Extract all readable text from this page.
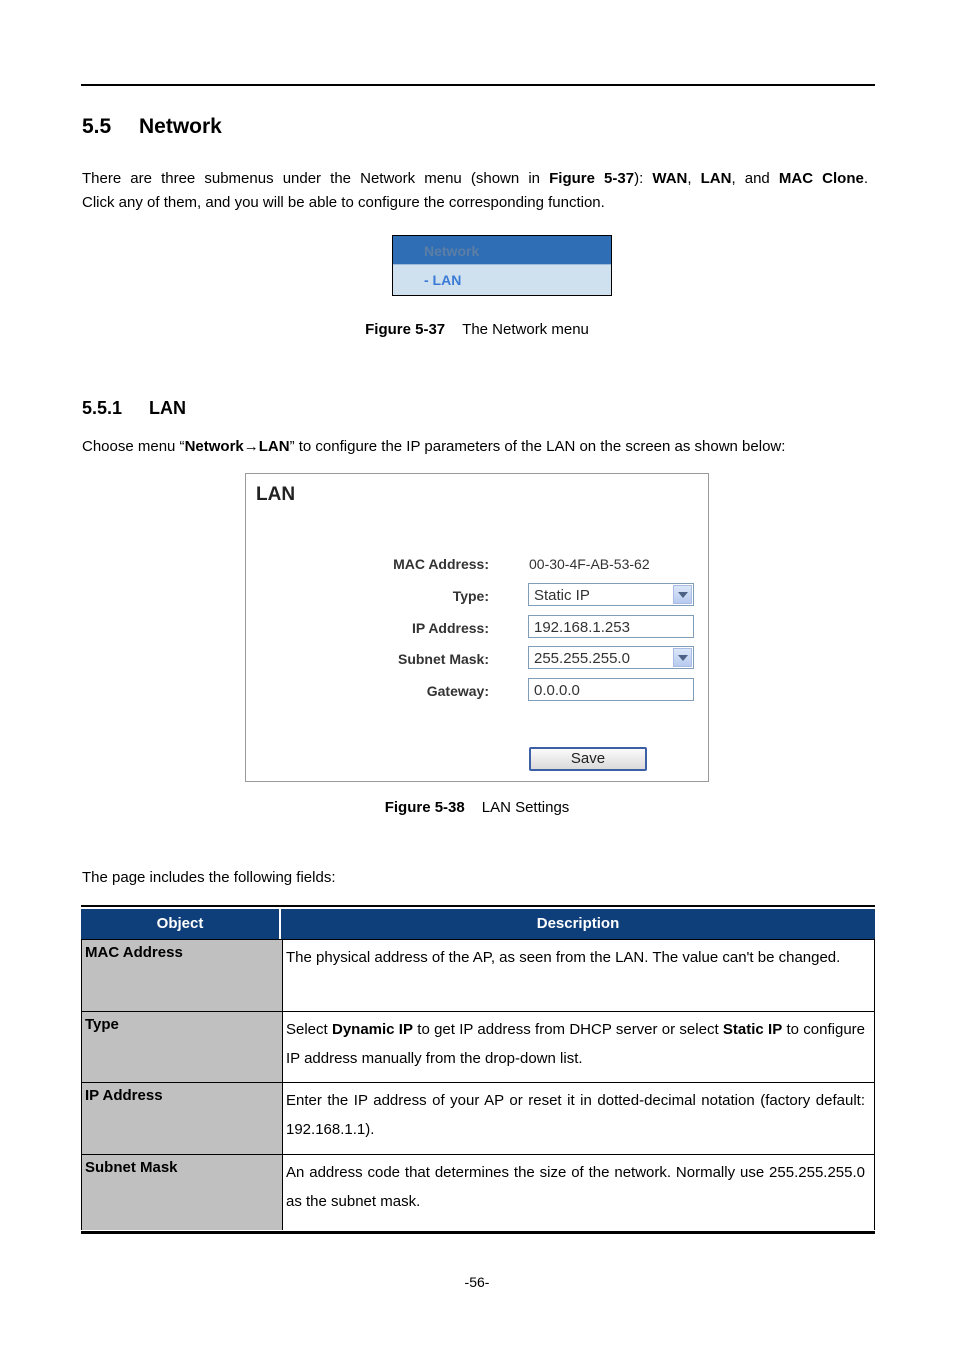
5.5 Network
There are three submenus under the Network menu (shown in Figure 5-37): WAN, LAN, and MAC Clone.
Click any of them, and you will be able to configure the corresponding function.
Network
- LAN
Figure 5-37 The Network menu
5.5.1 LAN
Choose menu “Network→LAN” to configure the IP parameters of the LAN on the screen as shown below:
LAN
MAC Address:	00-30-4F-AB-53-62
Type:	Static IP
IP Address:	192.168.1.253
Subnet Mask:	255.255.255.0
Gateway:	0.0.0.0
Save
Figure 5-38 LAN Settings
The page includes the following fields:
Object	Description
MAC Address	The physical address of the AP, as seen from the LAN. The value can't be changed.
Type	Select Dynamic IP to get IP address from DHCP server or select Static IP to configure IP address manually from the drop-down list.
IP Address	Enter the IP address of your AP or reset it in dotted-decimal notation (factory default: 192.168.1.1).
Subnet Mask	An address code that determines the size of the network. Normally use 255.255.255.0 as the subnet mask.
-56-
